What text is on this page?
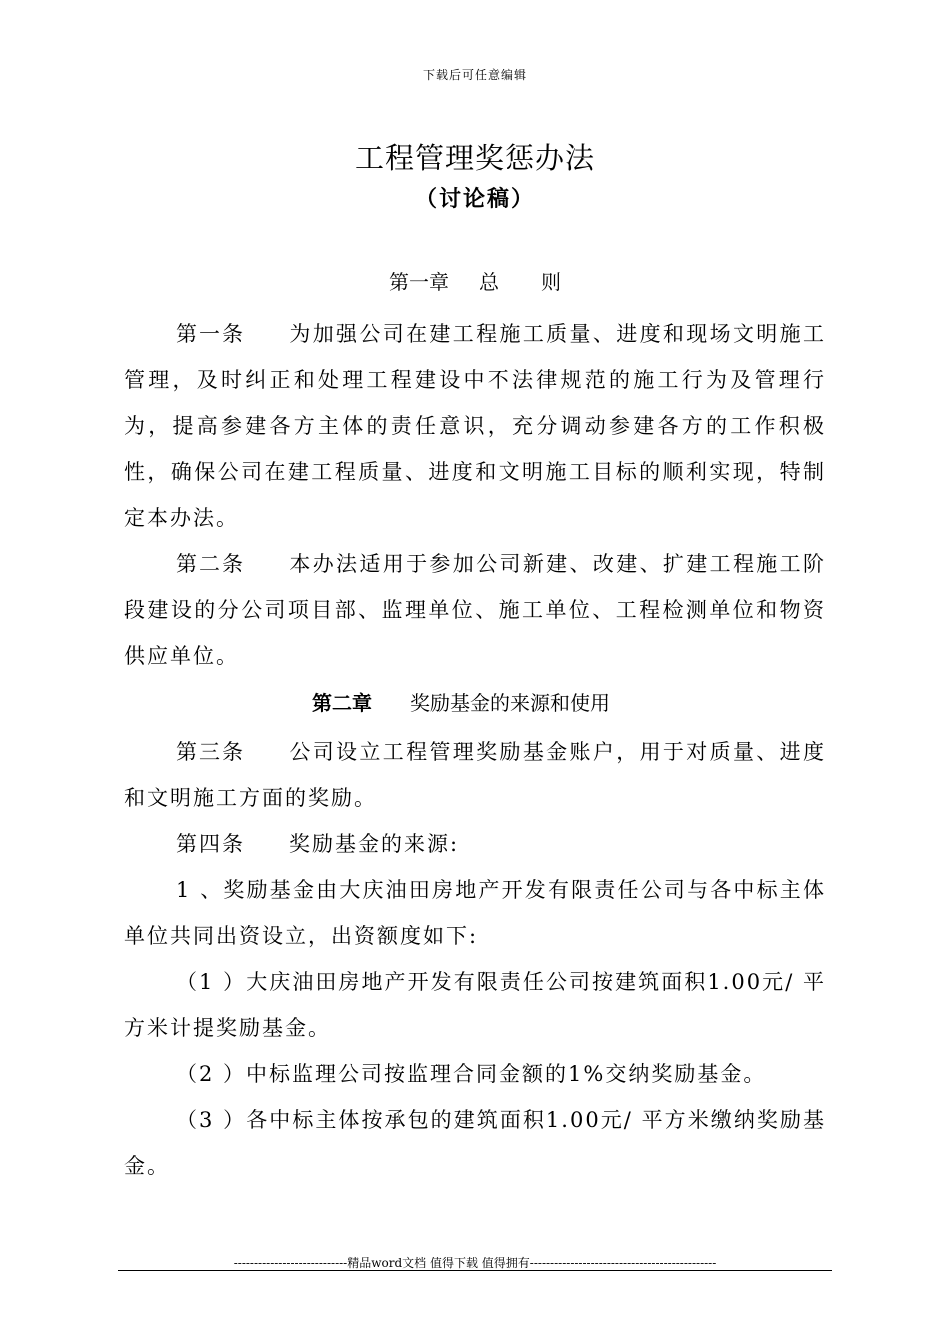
下载后可任意编辑
工程管理奖惩办法
（讨论稿）
第一章 总 则
第一条 为加强公司在建工程施工质量、进度和现场文明施工管理，及时纠正和处理工程建设中不法律规范的施工行为及管理行为，提高参建各方主体的责任意识，充分调动参建各方的工作积极性，确保公司在建工程质量、进度和文明施工目标的顺利实现，特制定本办法。
第二条 本办法适用于参加公司新建、改建、扩建工程施工阶段建设的分公司项目部、监理单位、施工单位、工程检测单位和物资供应单位。
第二章 奖励基金的来源和使用
第三条 公司设立工程管理奖励基金账户，用于对质量、进度和文明施工方面的奖励。
第四条 奖励基金的来源:
1 、奖励基金由大庆油田房地产开发有限责任公司与各中标主体单位共同出资设立，出资额度如下:
（1 ）大庆油田房地产开发有限责任公司按建筑面积1.00元/ 平方米计提奖励基金。
（2 ）中标监理公司按监理合同金额的1%交纳奖励基金。
（3 ）各中标主体按承包的建筑面积1.00元/ 平方米缴纳奖励基金。
----------------------------精品word文档 值得下载 值得拥有----------------------------------------------
